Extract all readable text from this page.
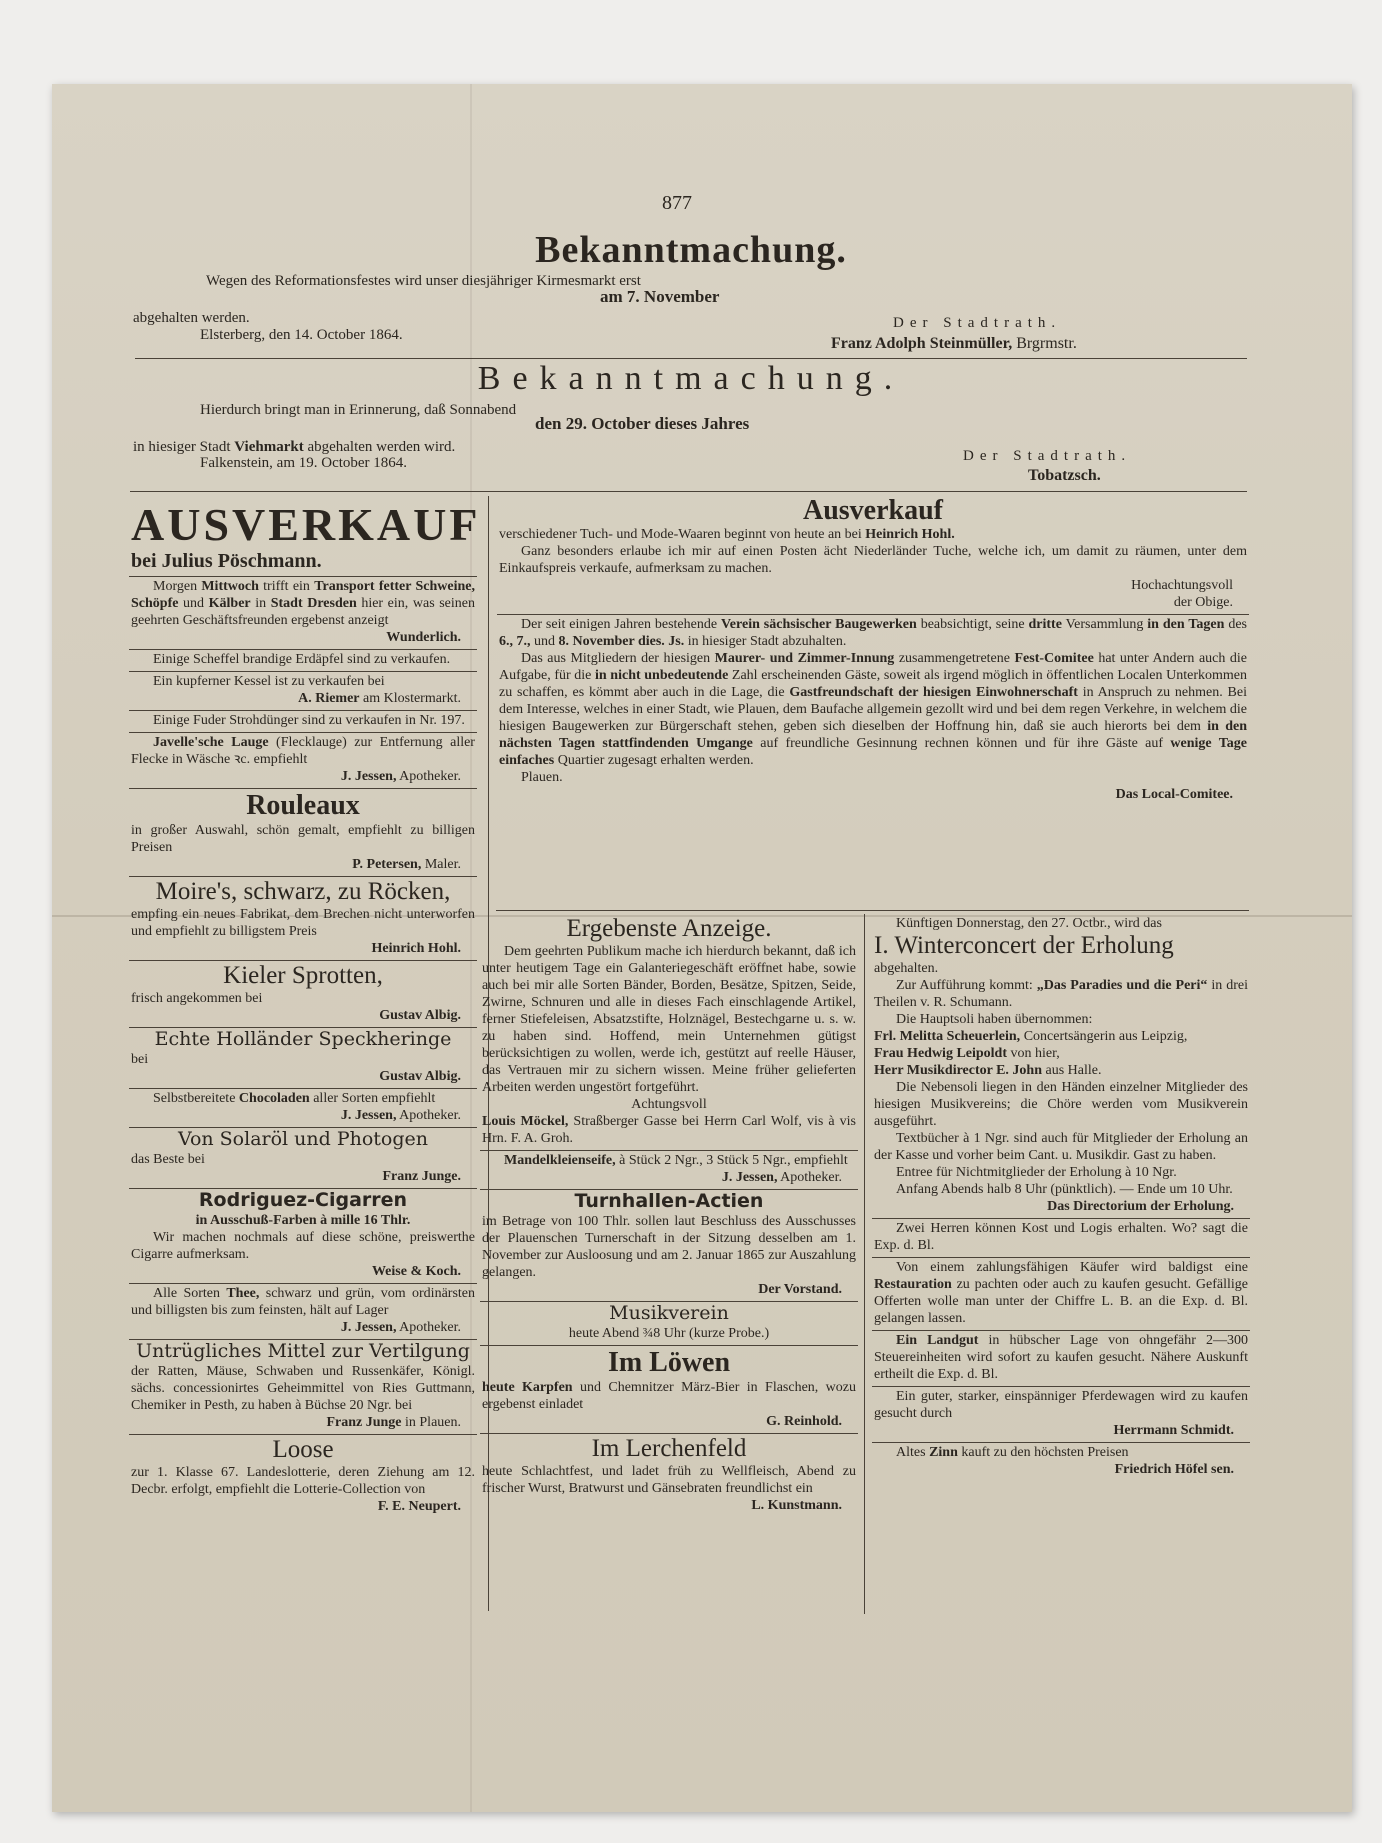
877
Bekanntmachung.
Wegen des Reformationsfestes wird unser diesjähriger Kirmesmarkt erst
am 7. November
abgehalten werden.
Elsterberg, den 14. October 1864.
Der Stadtrath.
Franz Adolph Steinmüller, Brgrmstr.
Bekanntmachung.
Hierdurch bringt man in Erinnerung, daß Sonnabend
den 29. October dieses Jahres
in hiesiger Stadt Viehmarkt abgehalten werden wird.
Falkenstein, am 19. October 1864.	Der Stadtrath.
Tobatzsch.
AUSVERKAUF
bei Julius Pöschmann.

Morgen Mittwoch trifft ein Transport fetter Schweine, Schöpfe und Kälber in Stadt Dresden hier ein, was seinen geehrten Geschäftsfreunden ergebenst anzeigt

Wunderlich.

Einige Scheffel brandige Erdäpfel sind zu verkaufen.

Ein kupferner Kessel ist zu verkaufen bei

A. Riemer am Klostermarkt.

Einige Fuder Strohdünger sind zu verkaufen in Nr. 197.

Javelle'sche Lauge (Flecklauge) zur Entfernung aller Flecke in Wäsche ꝛc. empfiehlt

J. Jessen, Apotheker.

Rouleaux

in großer Auswahl, schön gemalt, empfiehlt zu billigen Preisen

P. Petersen, Maler.

Moire's, schwarz, zu Röcken,

empfing ein neues Fabrikat, dem Brechen nicht unterworfen und empfiehlt zu billigstem Preis

Heinrich Hohl.

Kieler Sprotten,

frisch angekommen bei

Gustav Albig.

Echte Holländer Speckheringe

bei

Gustav Albig.

Selbstbereitete Chocoladen aller Sorten empfiehlt

J. Jessen, Apotheker.

Von Solaröl und Photogen

das Beste bei

Franz Junge.

Rodriguez-Cigarren

in Ausschuß-Farben à mille 16 Thlr.

Wir machen nochmals auf diese schöne, preiswerthe Cigarre aufmerksam.

Weise & Koch.

Alle Sorten Thee, schwarz und grün, vom ordinärsten und billigsten bis zum feinsten, hält auf Lager

J. Jessen, Apotheker.

Untrügliches Mittel zur Vertilgung

der Ratten, Mäuse, Schwaben und Russenkäfer, Königl. sächs. concessionirtes Geheimmittel von Ries Guttmann, Chemiker in Pesth, zu haben à Büchse 20 Ngr. bei

Franz Junge in Plauen.

Loose

zur 1. Klasse 67. Landeslotterie, deren Ziehung am 12. Decbr. erfolgt, empfiehlt die Lotterie-Collection von

F. E. Neupert.

Ausverkauf

verschiedener Tuch- und Mode-Waaren beginnt von heute an bei Heinrich Hohl.

Ganz besonders erlaube ich mir auf einen Posten ächt Niederländer Tuche, welche ich, um damit zu räumen, unter dem Einkaufspreis verkaufe, aufmerksam zu machen.

Hochachtungsvoll

der Obige.

Der seit einigen Jahren bestehende Verein sächsischer Baugewerken beabsichtigt, seine dritte Versammlung in den Tagen des 6., 7., und 8. November dies. Js. in hiesiger Stadt abzuhalten.

Das aus Mitgliedern der hiesigen Maurer- und Zimmer-Innung zusammengetretene Fest-Comitee hat unter Andern auch die Aufgabe, für die in nicht unbedeutende Zahl erscheinenden Gäste, soweit als irgend möglich in öffentlichen Localen Unterkommen zu schaffen, es kömmt aber auch in die Lage, die Gastfreundschaft der hiesigen Einwohnerschaft in Anspruch zu nehmen. Bei dem Interesse, welches in einer Stadt, wie Plauen, dem Baufache allgemein gezollt wird und bei dem regen Verkehre, in welchem die hiesigen Baugewerken zur Bürgerschaft stehen, geben sich dieselben der Hoffnung hin, daß sie auch hierorts bei dem in den nächsten Tagen stattfindenden Umgange auf freundliche Gesinnung rechnen können und für ihre Gäste auf wenige Tage einfaches Quartier zugesagt erhalten werden.

Plauen.

Das Local-Comitee.

Ergebenste Anzeige.

Dem geehrten Publikum mache ich hierdurch bekannt, daß ich unter heutigem Tage ein Galanteriegeschäft eröffnet habe, sowie auch bei mir alle Sorten Bänder, Borden, Besätze, Spitzen, Seide, Zwirne, Schnuren und alle in dieses Fach einschlagende Artikel, ferner Stiefeleisen, Absatzstifte, Holznägel, Bestechgarne u. s. w. zu haben sind. Hoffend, mein Unternehmen gütigst berücksichtigen zu wollen, werde ich, gestützt auf reelle Häuser, das Vertrauen mir zu sichern wissen. Meine früher gelieferten Arbeiten werden ungestört fortgeführt.

Achtungsvoll

Louis Möckel, Straßberger Gasse bei Herrn Carl Wolf, vis à vis Hrn. F. A. Groh.

Mandelkleienseife, à Stück 2 Ngr., 3 Stück 5 Ngr., empfiehlt

J. Jessen, Apotheker.

Turnhallen-Actien

im Betrage von 100 Thlr. sollen laut Beschluss des Ausschusses der Plauenschen Turnerschaft in der Sitzung desselben am 1. November zur Ausloosung und am 2. Januar 1865 zur Auszahlung gelangen.

Der Vorstand.

Musikverein

heute Abend ¾8 Uhr (kurze Probe.)

Im Löwen

heute Karpfen und Chemnitzer März-Bier in Flaschen, wozu ergebenst einladet

G. Reinhold.

Im Lerchenfeld

heute Schlachtfest, und ladet früh zu Wellfleisch, Abend zu frischer Wurst, Bratwurst und Gänsebraten freundlichst ein

L. Kunstmann.

Künftigen Donnerstag, den 27. Octbr., wird das

I. Winterconcert der Erholung

abgehalten.

Zur Aufführung kommt: „Das Paradies und die Peri“ in drei Theilen v. R. Schumann.

Die Hauptsoli haben übernommen:

Frl. Melitta Scheuerlein, Concertsängerin aus Leipzig,

Frau Hedwig Leipoldt von hier,

Herr Musikdirector E. John aus Halle.

Die Nebensoli liegen in den Händen einzelner Mitglieder des hiesigen Musikvereins; die Chöre werden vom Musikverein ausgeführt.

Textbücher à 1 Ngr. sind auch für Mitglieder der Erholung an der Kasse und vorher beim Cant. u. Musikdir. Gast zu haben.

Entree für Nichtmitglieder der Erholung à 10 Ngr.

Anfang Abends halb 8 Uhr (pünktlich). — Ende um 10 Uhr.

Das Directorium der Erholung.

Zwei Herren können Kost und Logis erhalten. Wo? sagt die Exp. d. Bl.

Von einem zahlungsfähigen Käufer wird baldigst eine Restauration zu pachten oder auch zu kaufen gesucht. Gefällige Offerten wolle man unter der Chiffre L. B. an die Exp. d. Bl. gelangen lassen.

Ein Landgut in hübscher Lage von ohngefähr 2—300 Steuereinheiten wird sofort zu kaufen gesucht. Nähere Auskunft ertheilt die Exp. d. Bl.

Ein guter, starker, einspänniger Pferdewagen wird zu kaufen gesucht durch

Herrmann Schmidt.

Altes Zinn kauft zu den höchsten Preisen

Friedrich Höfel sen.
